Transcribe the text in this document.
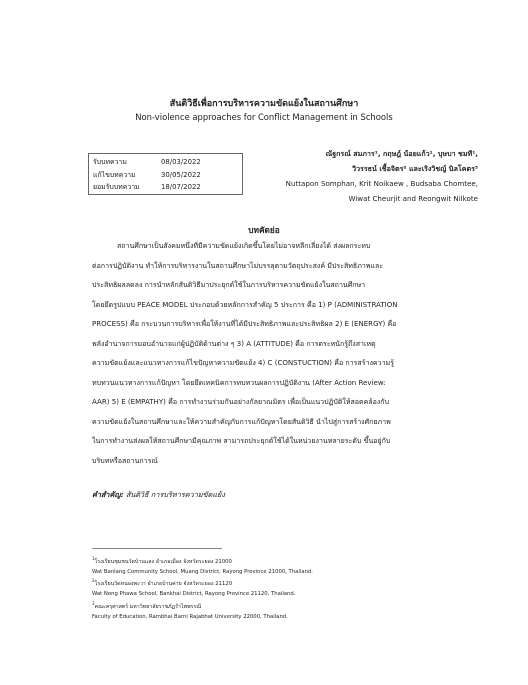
สันติวิธีเพื่อการบริหารความขัดแย้งในสถานศึกษา
Non-violence approaches for Conflict Management in Schools
รับบทความ	08/03/2022
แก้ไขบทความ	30/05/2022
ยอมรับบทความ	18/07/2022
ณัฐกรณ์ สมภาร¹, กฤษฎ์ น้อยแก้ว¹, บุษบา ชมที¹,
วิวรรธน์ เชื้อจิตร² และเริงวิชญ์ นิลโคตร³
Nuttapon Somphan, Krit Noikaew , Budsaba Chomtee,
Wiwat Cheurjit and Reongwit Nilkote
บทคัดย่อ
สถานศึกษาเป็นสังคมหนึ่งที่มีความขัดแย้งเกิดขึ้นโดยไม่อาจหลีกเลี่ยงได้ ส่งผลกระทบ
ต่อการปฏิบัติงาน ทำให้การบริหารงานในสถานศึกษาไม่บรรลุตามวัตถุประสงค์ มีประสิทธิภาพและ
ประสิทธิผลลดลง การนำหลักสันติวิธีมาประยุกต์ใช้ในการบริหารความขัดแย้งในสถานศึกษา
โดยยึดรูปแบบ PEACE MODEL ประกอบด้วยหลักการสำคัญ 5 ประการ คือ 1) P (ADMINISTRATION
PROCESS) คือ กระบวนการบริหารเพื่อให้งานที่ได้มีประสิทธิภาพและประสิทธิผล 2) E (ENERGY) คือ
พลังอำนาจการมอบอำนาจแก่ผู้ปฏิบัติด้านต่าง ๆ 3) A (ATTITUDE) คือ การตระหนักรู้ถึงสาเหตุ
ความขัดแย้งและแนวทางการแก้ไขปัญหาความขัดแย้ง 4) C (CONSTUCTION) คือ การสร้างความรู้
ทบทวนแนวทางการแก้ปัญหา โดยยึดเทคนิคการทบทวนผลการปฏิบัติงาน (After Action Review:
AAR) 5) E (EMPATHY) คือ การทำงานร่วมกันอย่างกัลยาณมิตร เพื่อเป็นแนวปฏิบัติให้สอดคล้องกับ
ความขัดแย้งในสถานศึกษาและให้ความสำคัญกับการแก้ปัญหาโดยสันติวิธี นำไปสู่การสร้างศักยภาพ
ในการทำงานส่งผลให้สถานศึกษามีคุณภาพ สามารถประยุกต์ใช้ได้ในหน่วยงานหลายระดับ ขึ้นอยู่กับ
บริบทหรือสถานการณ์
คำสำคัญ: สันติวิธี การบริหารความขัดแย้ง
$^1$โรงเรียนชุมชนวัดบ้านแลง อำเภอเมือง จังหวัดระยอง 21000
Wat Banlang Community School, Muang District, Rayong Province 21000, Thailand.
$^2$โรงเรียนวัดหนองพะวา อำเภอบ้านค่าย จังหวัดระยอง 21120
Wat Nong Phawa School, Bankhai District, Rayong Province 21120, Thailand.
$^3$คณะครุศาสตร์ มหาวิทยาลัยราชภัฏรำไพพรรณี
Faculty of Education, Rambhai Barni Rajabhat University 22000, Thailand.
